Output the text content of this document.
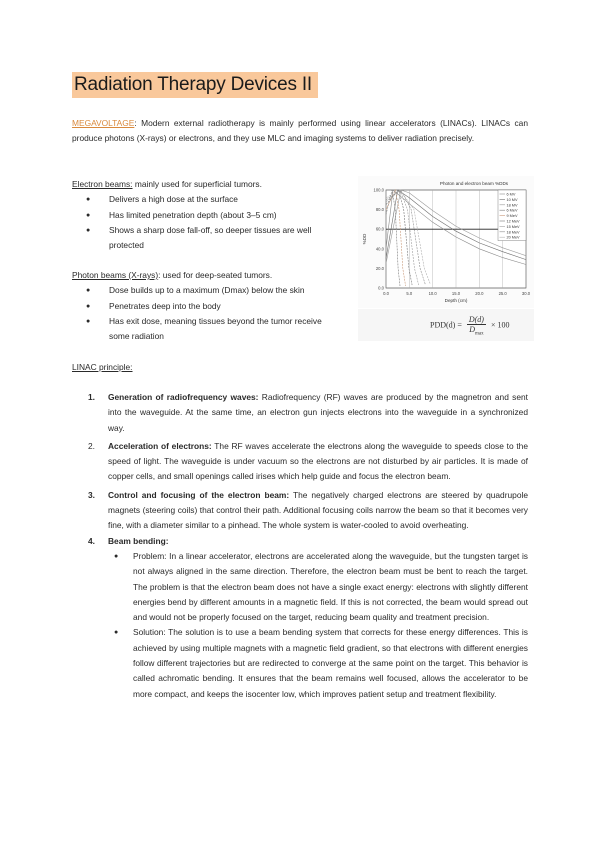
Radiation Therapy Devices II
MEGAVOLTAGE: Modern external radiotherapy is mainly performed using linear accelerators (LINACs). LINACs can produce photons (X-rays) or electrons, and they use MLC and imaging systems to deliver radiation precisely.
Electron beams: mainly used for superficial tumors.
● Delivers a high dose at the surface
● Has limited penetration depth (about 3–5 cm)
● Shows a sharp dose fall-off, so deeper tissues are well protected
Photon beams (X-rays): used for deep-seated tumors.
● Dose builds up to a maximum (Dmax) below the skin
● Penetrates deep into the body
● Has exit dose, meaning tissues beyond the tumor receive some radiation
0.0	5.0	10.0	15.0	20.0	25.0	30.0
0.0
20.0
40.0
60.0
80.0
100.0
Photon and electron beam %DDs
Depth (cm)
%DD
6 MV
10 MV
18 MV
6 MeV
9 MeV
12 MeV
15 MeV
18 MeV
20 MeV
$PDD(d) = \frac{D(d)}{D_{max}} \times 100$
LINAC principle:
1. Generation of radiofrequency waves: Radiofrequency (RF) waves are produced by the magnetron and sent into the waveguide. At the same time, an electron gun injects electrons into the waveguide in a synchronized way.
2. Acceleration of electrons: The RF waves accelerate the electrons along the waveguide to speeds close to the speed of light. The waveguide is under vacuum so the electrons are not disturbed by air particles. It is made of copper cells, and small openings called irises which help guide and focus the electron beam.
3. Control and focusing of the electron beam: The negatively charged electrons are steered by quadrupole magnets (steering coils) that control their path. Additional focusing coils narrow the beam so that it becomes very fine, with a diameter similar to a pinhead. The whole system is water-cooled to avoid overheating.
4. Beam bending:
● Problem: In a linear accelerator, electrons are accelerated along the waveguide, but the tungsten target is not always aligned in the same direction. Therefore, the electron beam must be bent to reach the target. The problem is that the electron beam does not have a single exact energy: electrons with slightly different energies bend by different amounts in a magnetic field. If this is not corrected, the beam would spread out and would not be properly focused on the target, reducing beam quality and treatment precision.
● Solution: The solution is to use a beam bending system that corrects for these energy differences. This is achieved by using multiple magnets with a magnetic field gradient, so that electrons with different energies follow different trajectories but are redirected to converge at the same point on the target. This behavior is called achromatic bending. It ensures that the beam remains well focused, allows the accelerator to be more compact, and keeps the isocenter low, which improves patient setup and treatment flexibility.
